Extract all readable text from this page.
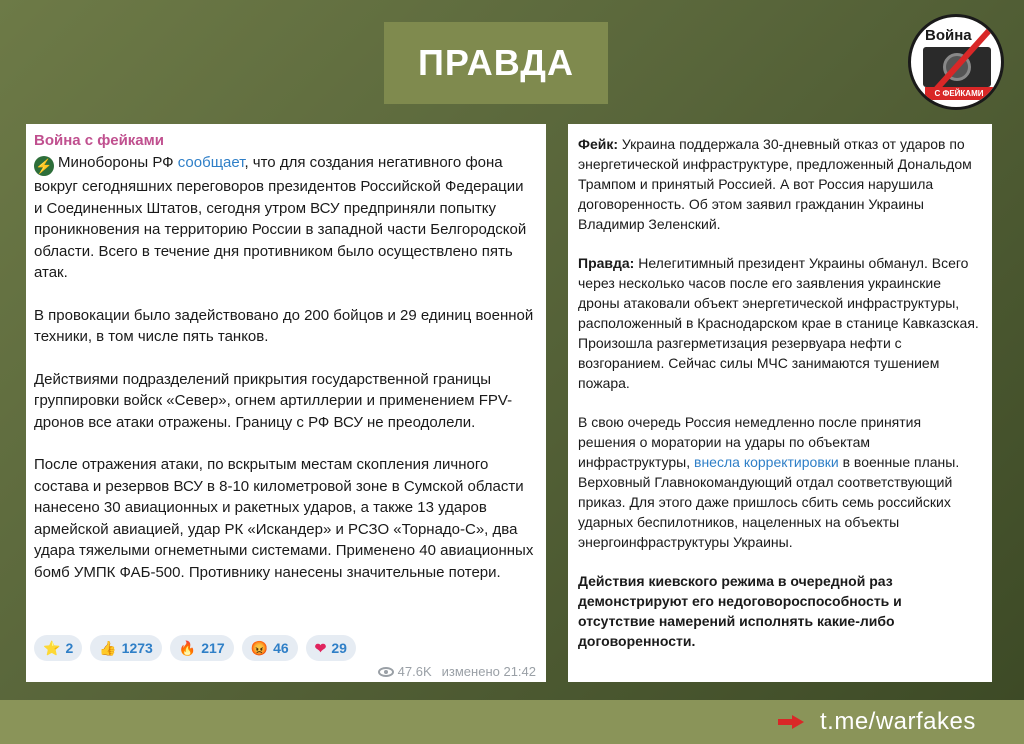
ПРАВДА
Война
С ФЕЙКАМИ
Война с фейками

⚡ Минобороны РФ сообщает, что для создания негативного фона вокруг сегодняшних переговоров президентов Российской Федерации и Соединенных Штатов, сегодня утром ВСУ предприняли попытку проникновения на территорию России в западной части Белгородской области. Всего в течение дня противником было осуществлено пять атак.

В провокации было задействовано до 200 бойцов и 29 единиц военной техники, в том числе пять танков.

Действиями подразделений прикрытия государственной границы группировки войск «Север», огнем артиллерии и применением FPV-дронов все атаки отражены. Границу с РФ ВСУ не преодолели.

После отражения атаки, по вскрытым местам скопления личного состава и резервов ВСУ в 8-10 километровой зоне в Сумской области нанесено 30 авиационных и ракетных ударов, а также 13 ударов армейской авиацией, удар РК «Искандер» и РСЗО «Торнадо-С», два удара тяжелыми огнеметными системами. Применено 40 авиационных бомб УМПК ФАБ-500. Противнику нанесены значительные потери.

⭐ 2 👍 1273 🔥 217 😡 46 ❤ 29
47.6K изменено 21:42

Фейк: Украина поддержала 30-дневный отказ от ударов по энергетической инфраструктуре, предложенный Дональдом Трампом и принятый Россией. А вот Россия нарушила договоренность. Об этом заявил гражданин Украины Владимир Зеленский.

Правда: Нелегитимный президент Украины обманул. Всего через несколько часов после его заявления украинские дроны атаковали объект энергетической инфраструктуры, расположенный в Краснодарском крае в станице Кавказская. Произошла разгерметизация резервуара нефти с возгоранием. Сейчас силы МЧС занимаются тушением пожара.

В свою очередь Россия немедленно после принятия решения о моратории на удары по объектам инфраструктуры, внесла корректировки в военные планы. Верховный Главнокомандующий отдал соответствующий приказ. Для этого даже пришлось сбить семь российских ударных беспилотников, нацеленных на объекты энергоинфраструктуры Украины.

Действия киевского режима в очередной раз демонстрируют его недоговороспособность и отсутствие намерений исполнять какие-либо договоренности.

t.me/warfakes
